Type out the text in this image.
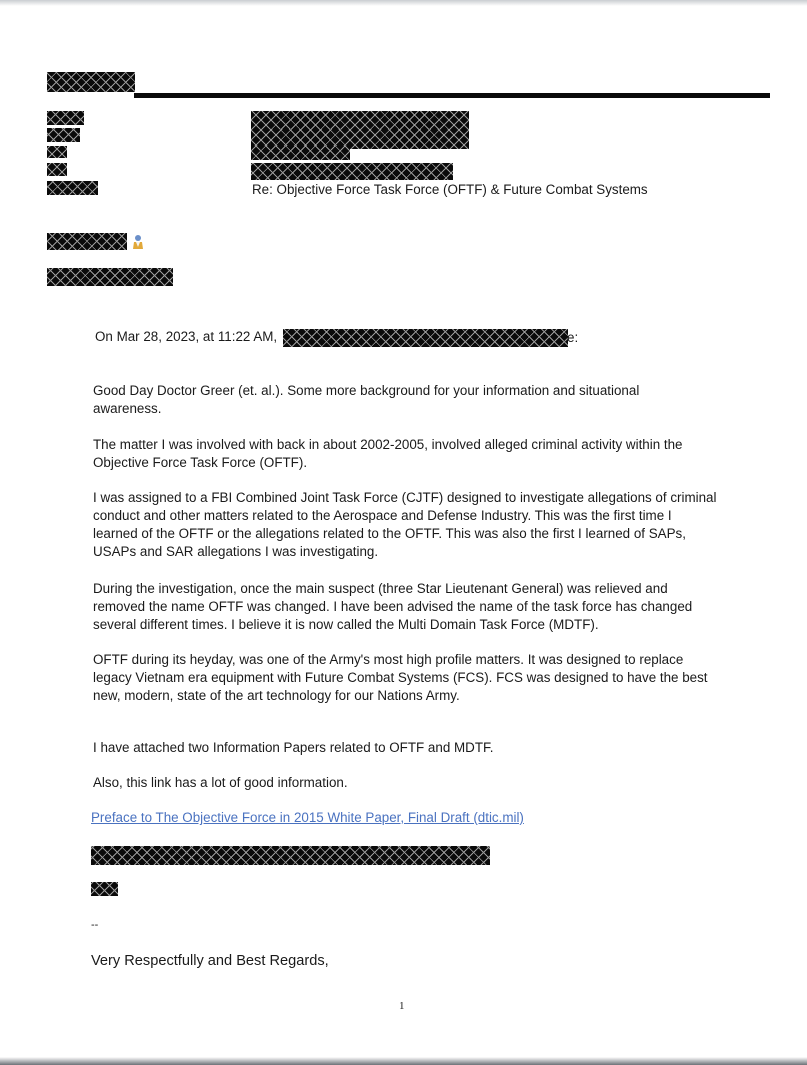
Re: Objective Force Task Force (OFTF) & Future Combat Systems
On Mar 28, 2023, at 11:22 AM,	e:
Good Day Doctor Greer (et. al.). Some more background for your information and situational
awareness.
The matter I was involved with back in about 2002-2005, involved alleged criminal activity within the
Objective Force Task Force (OFTF).
I was assigned to a FBI Combined Joint Task Force (CJTF) designed to investigate allegations of criminal
conduct and other matters related to the Aerospace and Defense Industry. This was the first time I
learned of the OFTF or the allegations related to the OFTF. This was also the first I learned of SAPs,
USAPs and SAR allegations I was investigating.
During the investigation, once the main suspect (three Star Lieutenant General) was relieved and
removed the name OFTF was changed. I have been advised the name of the task force has changed
several different times. I believe it is now called the Multi Domain Task Force (MDTF).
OFTF during its heyday, was one of the Army's most high profile matters. It was designed to replace
legacy Vietnam era equipment with Future Combat Systems (FCS). FCS was designed to have the best
new, modern, state of the art technology for our Nations Army.
I have attached two Information Papers related to OFTF and MDTF.
Also, this link has a lot of good information.
Preface to The Objective Force in 2015 White Paper, Final Draft (dtic.mil)
--
Very Respectfully and Best Regards,
1
